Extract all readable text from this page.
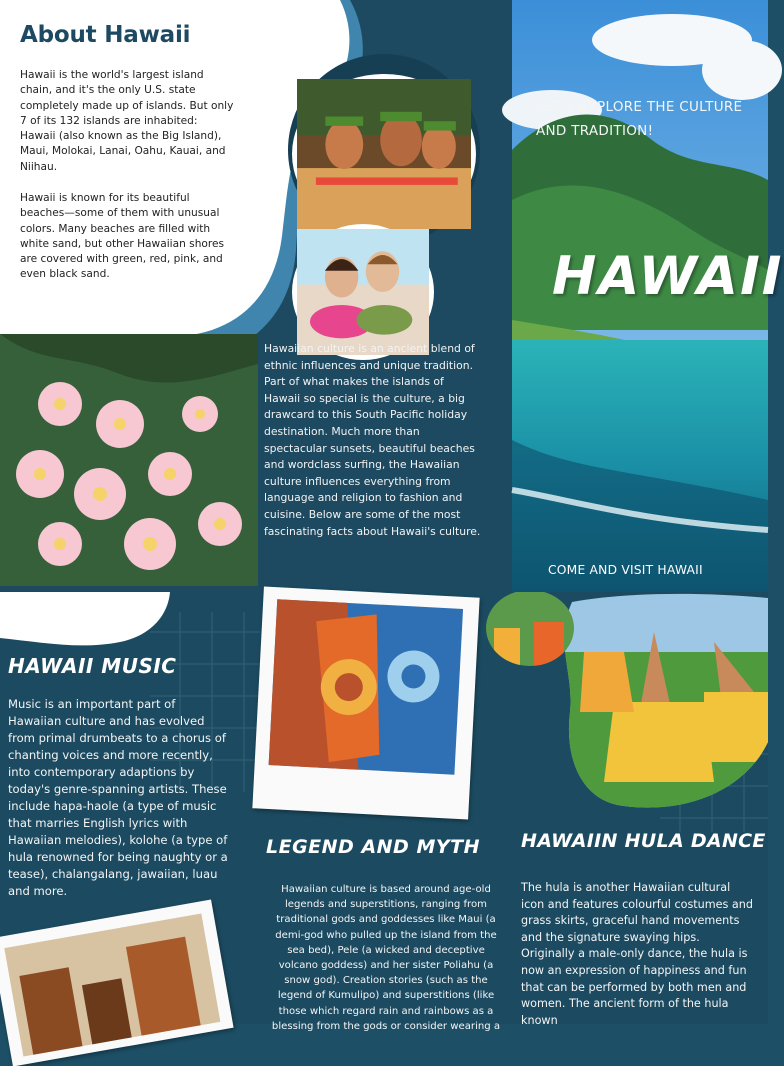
About Hawaii
Hawaii is the world's largest island chain, and it's the only U.S. state completely made up of islands. But only 7 of its 132 islands are inhabited: Hawaii (also known as the Big Island), Maui, Molokai, Lanai, Oahu, Kauai, and Niihau.
Hawaii is known for its beautiful beaches—some of them with unusual colors. Many beaches are filled with white sand, but other Hawaiian shores are covered with green, red, pink, and even black sand.
Hawaiian culture is an ancient blend of ethnic influences and unique tradition. Part of what makes the islands of Hawaii so special is the culture, a big drawcard to this South Pacific holiday destination. Much more than spectacular sunsets, beautiful beaches and wordclass surfing, the Hawaiian culture influences everything from language and religion to fashion and cuisine. Below are some of the most fascinating facts about Hawaii's culture.
LET'S EXPLORE THE CULTURE AND TRADITION!
HAWAII
COME AND VISIT HAWAII
HAWAII MUSIC
Music is an important part of Hawaiian culture and has evolved from primal drumbeats to a chorus of chanting voices and more recently, into contemporary adaptions by today's genre-spanning artists. These include hapa-haole (a type of music that marries English lyrics with Hawaiian melodies), kolohe (a type of hula renowned for being naughty or a tease), chalangalang, jawaiian, luau and more.
LEGEND AND MYTH
Hawaiian culture is based around age-old legends and superstitions, ranging from traditional gods and goddesses like Maui (a demi-god who pulled up the island from the sea bed), Pele (a wicked and deceptive volcano goddess) and her sister Poliahu (a snow god). Creation stories (such as the legend of Kumulipo) and superstitions (like those which regard rain and rainbows as a blessing from the gods or consider wearing a
HAWAIIN HULA DANCE
The hula is another Hawaiian cultural icon and features colourful costumes and grass skirts, graceful hand movements and the signature swaying hips. Originally a male-only dance, the hula is now an expression of happiness and fun that can be performed by both men and women. The ancient form of the hula known
